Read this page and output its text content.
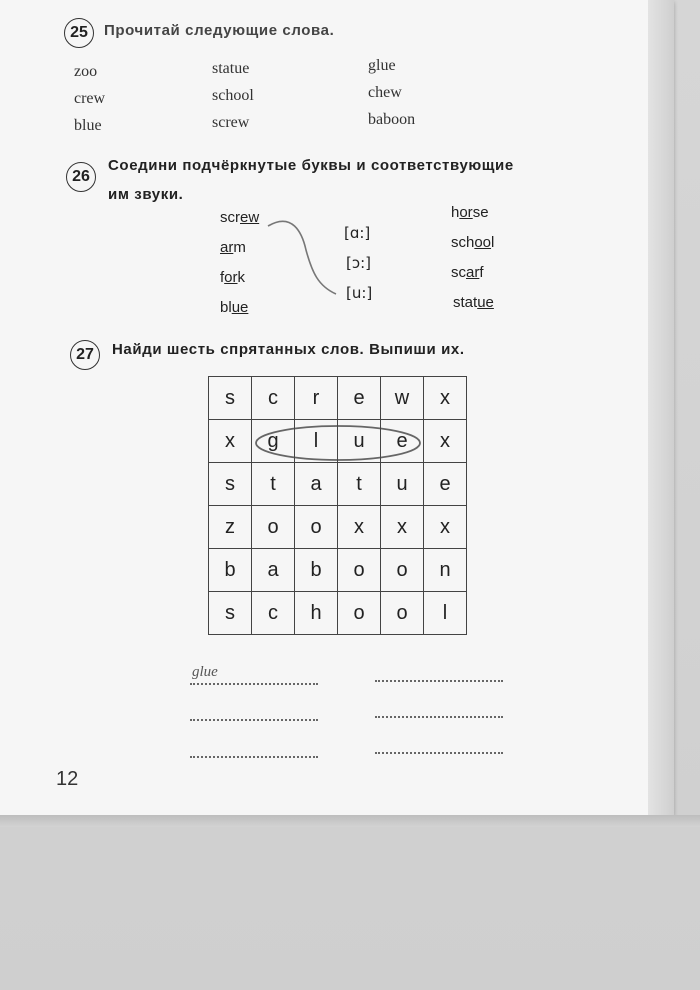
25	Прочитай следующие слова.
zoo
crew
blue
statue
school
screw
glue
chew
baboon
26
Соедини подчёркнутые буквы и соответствующие
им звуки.
screw
arm
fork
blue
[ɑ:]
[ɔ:]
[u:]
horse
school
scarf
statue
27	Найди шесть спрятанных слов. Выпиши их.
s	c	r	e	w	x
x	g	l	u	e	x
s	t	a	t	u	e
z	o	o	x	x	x
b	a	b	o	o	n
s	c	h	o	o	l
glue
12
